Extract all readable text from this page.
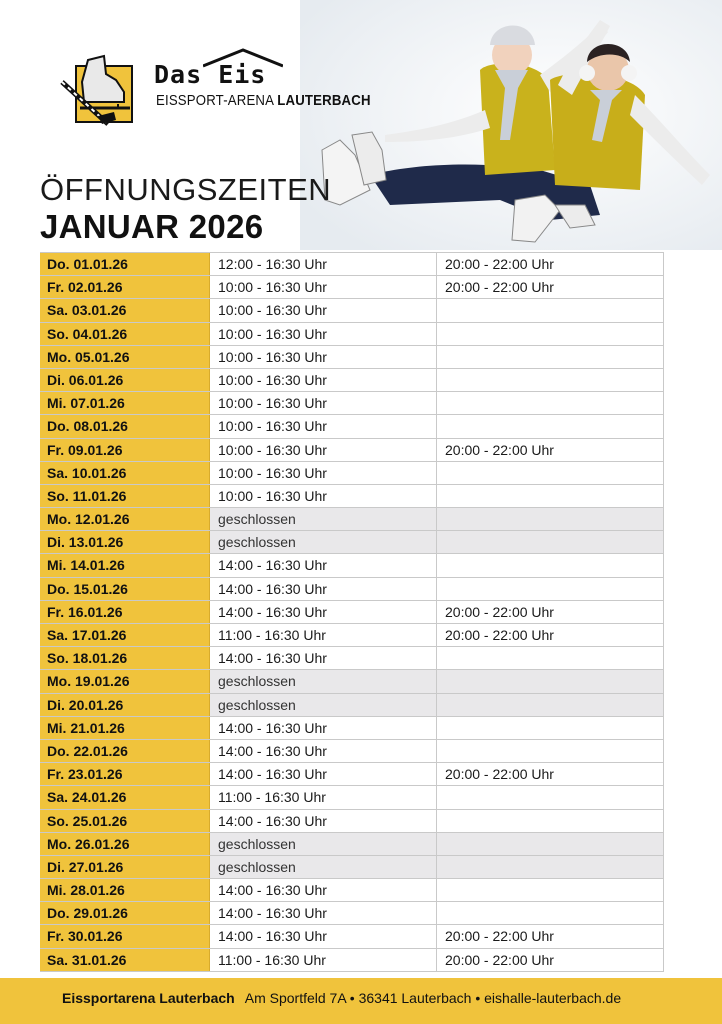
Das Eis
EISSPORT-ARENA LAUTERBACH
ÖFFNUNGSZEITEN
JANUAR 2026
Do. 01.01.26	12:00 - 16:30 Uhr	20:00 - 22:00 Uhr
Fr. 02.01.26	10:00 - 16:30 Uhr	20:00 - 22:00 Uhr
Sa. 03.01.26	10:00 - 16:30 Uhr
So. 04.01.26	10:00 - 16:30 Uhr
Mo. 05.01.26	10:00 - 16:30 Uhr
Di. 06.01.26	10:00 - 16:30 Uhr
Mi. 07.01.26	10:00 - 16:30 Uhr
Do. 08.01.26	10:00 - 16:30 Uhr
Fr. 09.01.26	10:00 - 16:30 Uhr	20:00 - 22:00 Uhr
Sa. 10.01.26	10:00 - 16:30 Uhr
So. 11.01.26	10:00 - 16:30 Uhr
Mo. 12.01.26	geschlossen
Di. 13.01.26	geschlossen
Mi. 14.01.26	14:00 - 16:30 Uhr
Do. 15.01.26	14:00 - 16:30 Uhr
Fr. 16.01.26	14:00 - 16:30 Uhr	20:00 - 22:00 Uhr
Sa. 17.01.26	11:00 - 16:30 Uhr	20:00 - 22:00 Uhr
So. 18.01.26	14:00 - 16:30 Uhr
Mo. 19.01.26	geschlossen
Di. 20.01.26	geschlossen
Mi. 21.01.26	14:00 - 16:30 Uhr
Do. 22.01.26	14:00 - 16:30 Uhr
Fr. 23.01.26	14:00 - 16:30 Uhr	20:00 - 22:00 Uhr
Sa. 24.01.26	11:00 - 16:30 Uhr
So. 25.01.26	14:00 - 16:30 Uhr
Mo. 26.01.26	geschlossen
Di. 27.01.26	geschlossen
Mi. 28.01.26	14:00 - 16:30 Uhr
Do. 29.01.26	14:00 - 16:30 Uhr
Fr. 30.01.26	14:00 - 16:30 Uhr	20:00 - 22:00 Uhr
Sa. 31.01.26	11:00 - 16:30 Uhr	20:00 - 22:00 Uhr
Eissportarena Lauterbach Am Sportfeld 7A • 36341 Lauterbach • eishalle-lauterbach.de
